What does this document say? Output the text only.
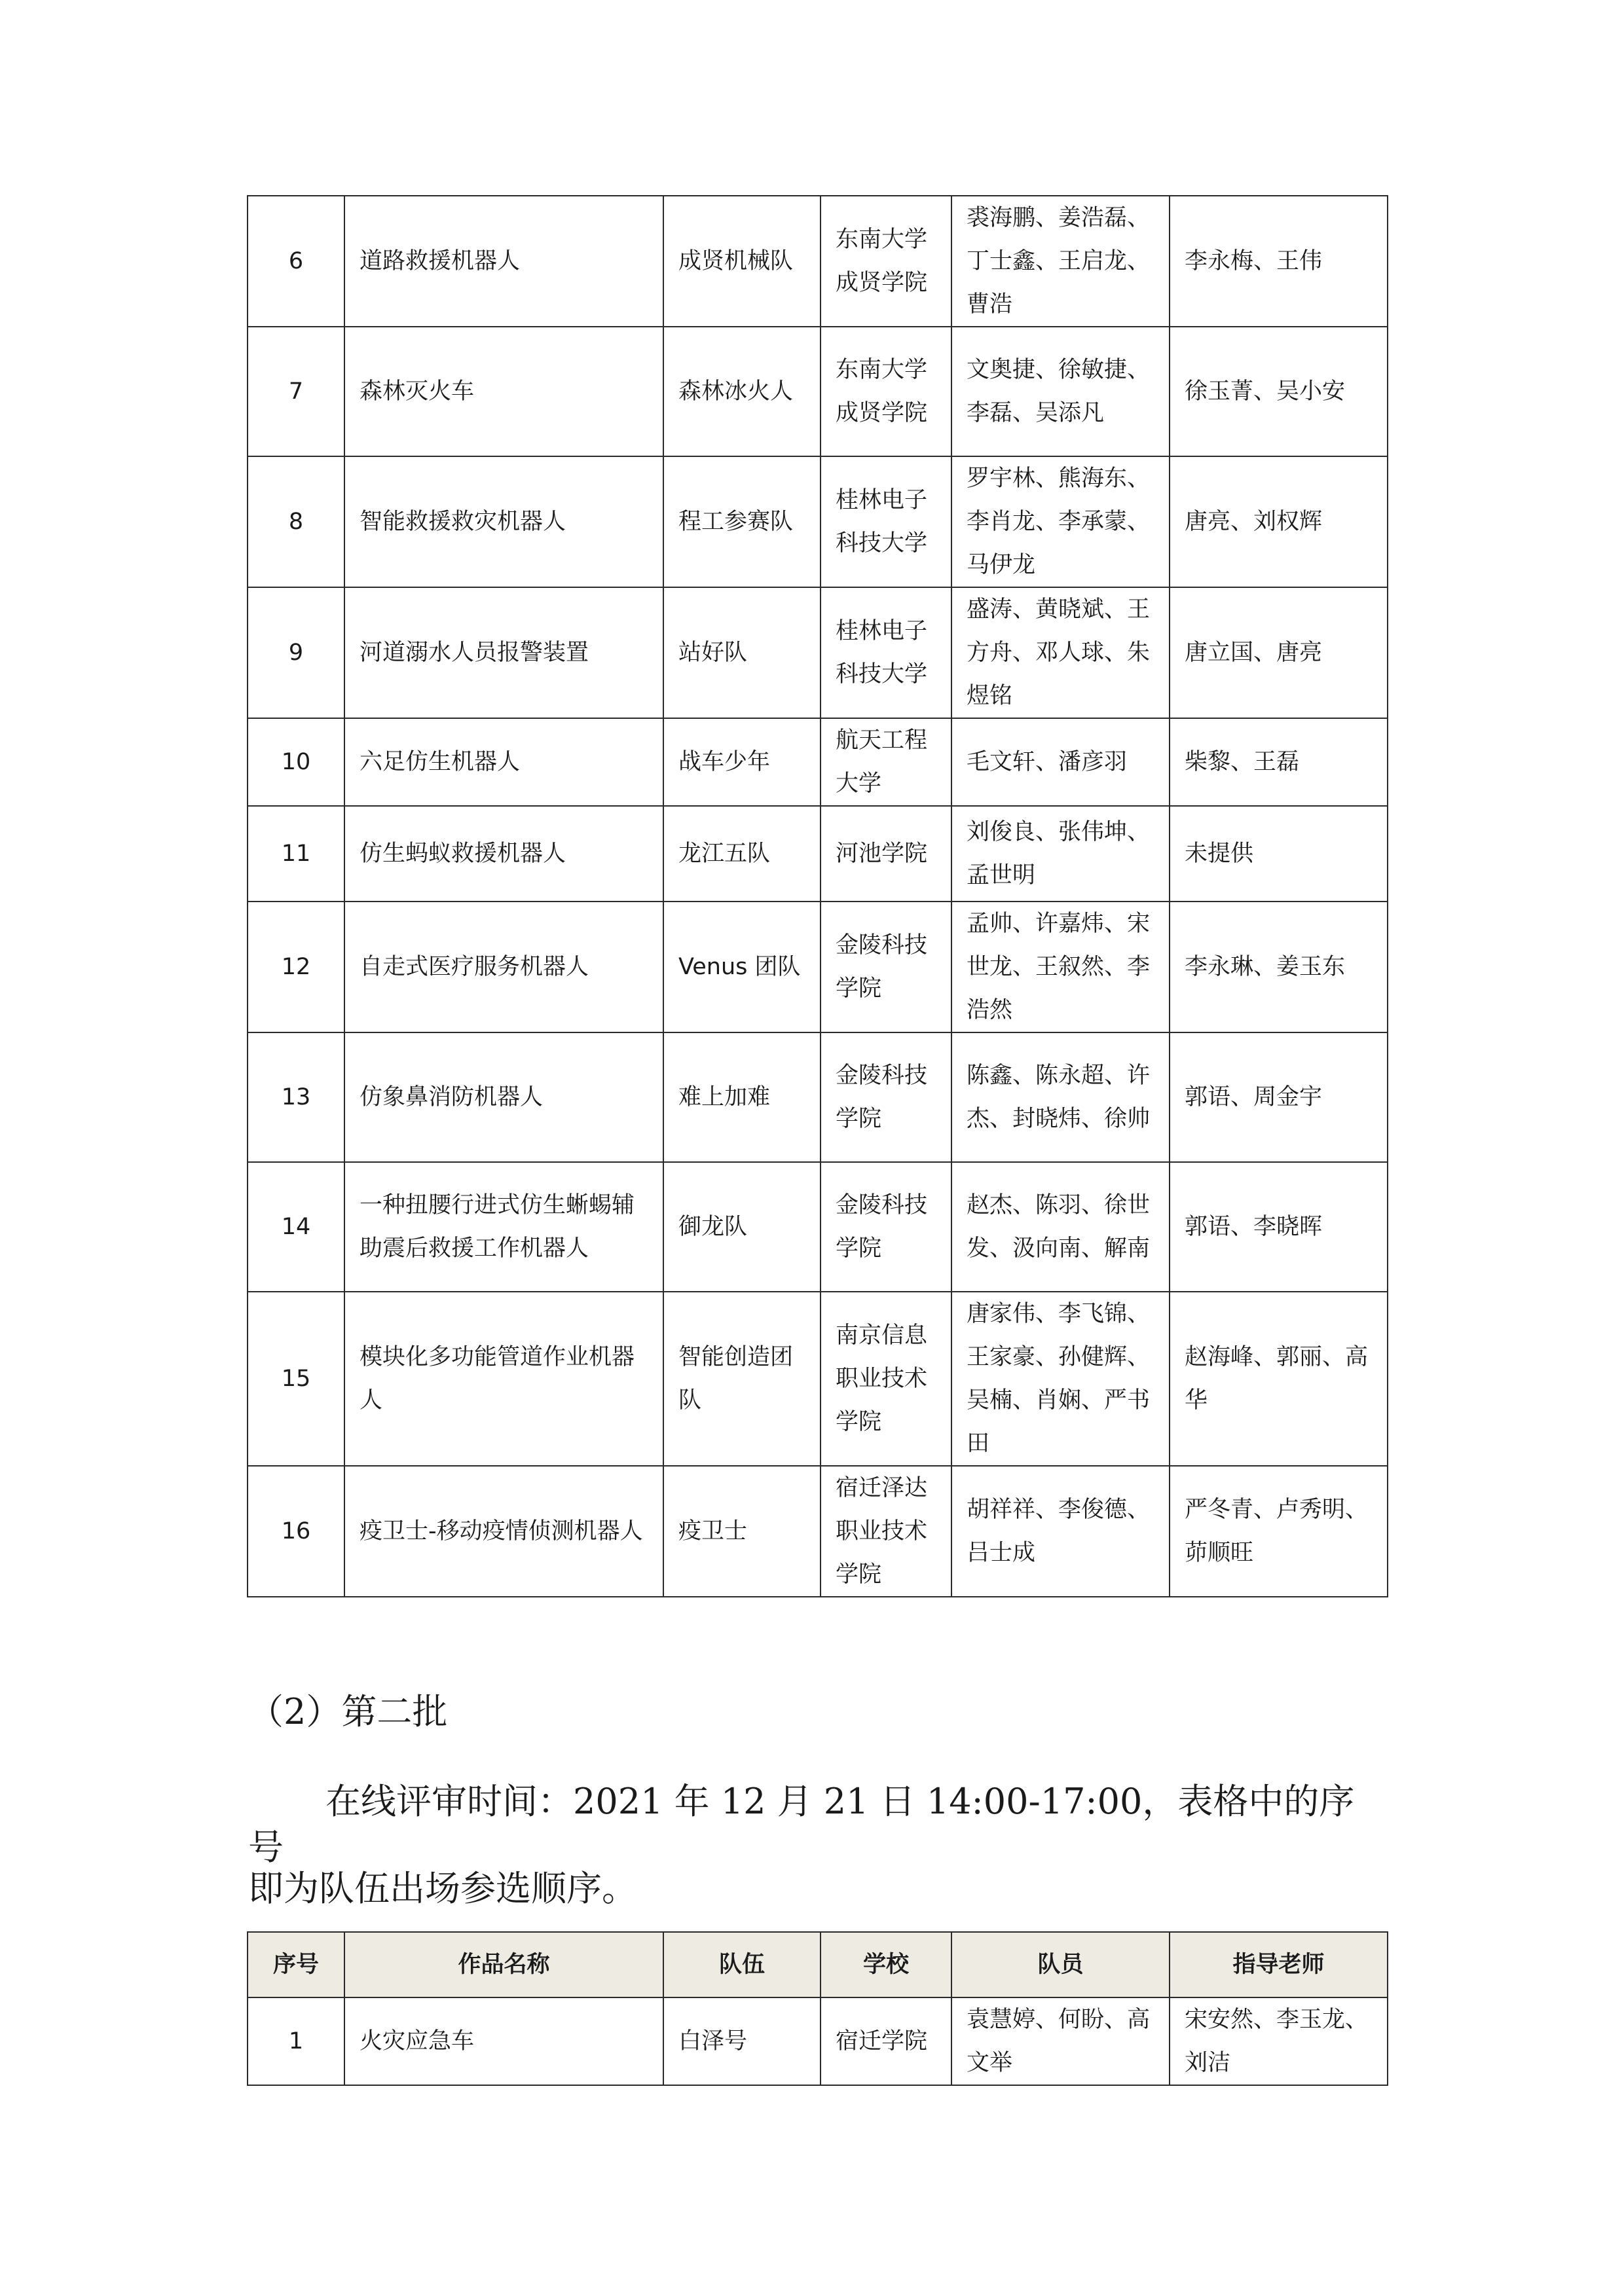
6	道路救援机器人	成贤机械队	东南大学成贤学院	裘海鹏、姜浩磊、丁士鑫、王启龙、曹浩	李永梅、王伟
7	森林灭火车	森林冰火人	东南大学成贤学院	文奥捷、徐敏捷、李磊、吴添凡	徐玉菁、吴小安
8	智能救援救灾机器人	程工参赛队	桂林电子科技大学	罗宇林、熊海东、李肖龙、李承蒙、马伊龙	唐亮、刘权辉
9	河道溺水人员报警装置	站好队	桂林电子科技大学	盛涛、黄晓斌、王方舟、邓人球、朱煜铭	唐立国、唐亮
10	六足仿生机器人	战车少年	航天工程大学	毛文轩、潘彦羽	柴黎、王磊
11	仿生蚂蚁救援机器人	龙江五队	河池学院	刘俊良、张伟坤、孟世明	未提供
12	自走式医疗服务机器人	Venus 团队	金陵科技学院	孟帅、许嘉炜、宋世龙、王叙然、李浩然	李永琳、姜玉东
13	仿象鼻消防机器人	难上加难	金陵科技学院	陈鑫、陈永超、许杰、封晓炜、徐帅	郭语、周金宇
14	一种扭腰行进式仿生蜥蜴辅助震后救援工作机器人	御龙队	金陵科技学院	赵杰、陈羽、徐世发、汲向南、解南	郭语、李晓晖
15	模块化多功能管道作业机器人	智能创造团队	南京信息职业技术学院	唐家伟、李飞锦、王家豪、孙健辉、吴楠、肖娴、严书田	赵海峰、郭丽、高华
16	疫卫士-移动疫情侦测机器人	疫卫士	宿迁泽达职业技术学院	胡祥祥、李俊德、吕士成	严冬青、卢秀明、茆顺旺
（2）第二批
在线评审时间：2021 年 12 月 21 日 14:00-17:00，表格中的序号
即为队伍出场参选顺序。
序号	作品名称	队伍	学校	队员	指导老师
1	火灾应急车	白泽号	宿迁学院	袁慧婷、何盼、高文举	宋安然、李玉龙、刘洁
